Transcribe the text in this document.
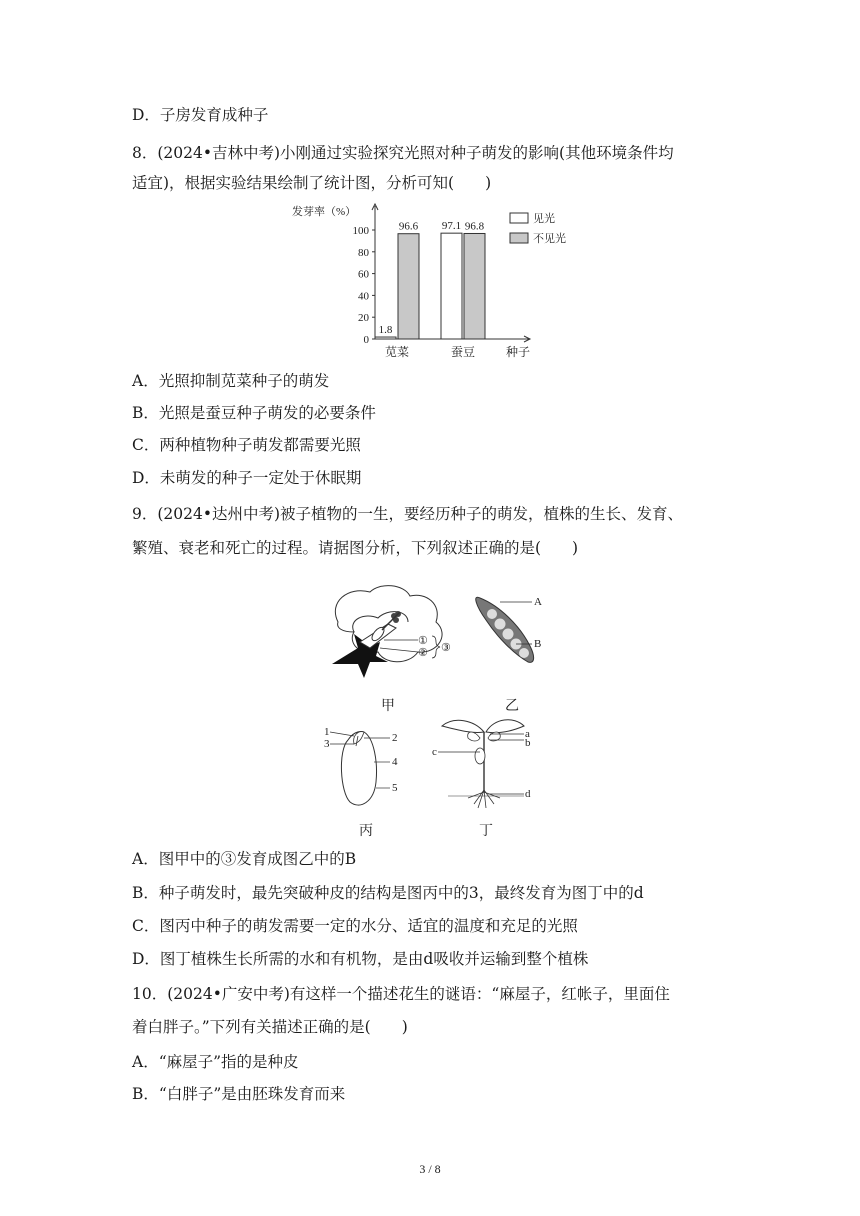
D．子房发育成种子
8．(2024•吉林中考)小刚通过实验探究光照对种子萌发的影响(其他环境条件均
适宜)，根据实验结果绘制了统计图，分析可知(　　)
发芽率（%）
0
20
40
60
80
100
1.8
96.6
苋菜
97.1 96.8
蚕豆	种子
见光
不见光
A．光照抑制苋菜种子的萌发
B．光照是蚕豆种子萌发的必要条件
C．两种植物种子萌发都需要光照
D．未萌发的种子一定处于休眠期
9．(2024•达州中考)被子植物的一生，要经历种子的萌发，植株的生长、发育、
繁殖、衰老和死亡的过程。请据图分析，下列叙述正确的是(　　)
①
② ③
甲
A
B
乙
1
3	2
4
5
丙
a
b
c
d
丁
A．图甲中的③发育成图乙中的B
B．种子萌发时，最先突破种皮的结构是图丙中的3，最终发育为图丁中的d
C．图丙中种子的萌发需要一定的水分、适宜的温度和充足的光照
D．图丁植株生长所需的水和有机物，是由d吸收并运输到整个植株
10．(2024•广安中考)有这样一个描述花生的谜语：“麻屋子，红帐子，里面住
着白胖子。”下列有关描述正确的是(　　)
A．“麻屋子”指的是种皮
B．“白胖子”是由胚珠发育而来
3 / 8
